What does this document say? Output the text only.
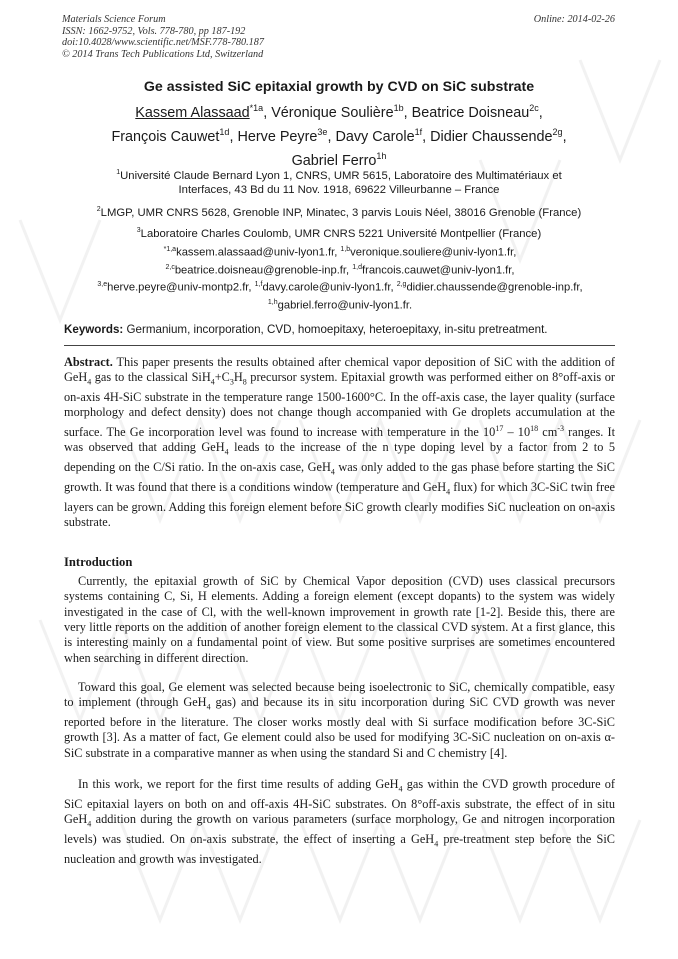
Materials Science Forum
ISSN: 1662-9752, Vols. 778-780, pp 187-192
doi:10.4028/www.scientific.net/MSF.778-780.187
© 2014 Trans Tech Publications Ltd, Switzerland
Online: 2014-02-26
Ge assisted SiC epitaxial growth by CVD on SiC substrate
Kassem Alassaad$^{*1a}$, Véronique Soulière$^{1b}$, Beatrice Doisneau$^{2c}$,
François Cauwet$^{1d}$, Herve Peyre$^{3e}$, Davy Carole$^{1f}$, Didier Chaussende$^{2g}$,
Gabriel Ferro$^{1h}$
$^1$Université Claude Bernard Lyon 1, CNRS, UMR 5615, Laboratoire des Multimatériaux et
Interfaces, 43 Bd du 11 Nov. 1918, 69622 Villeurbanne – France
$^2$LMGP, UMR CNRS 5628, Grenoble INP, Minatec, 3 parvis Louis Néel, 38016 Grenoble (France)
$^3$Laboratoire Charles Coulomb, UMR CNRS 5221 Université Montpellier (France)
$^{*1,a}$kassem.alassaad@univ-lyon1.fr, $^{1,b}$veronique.souliere@univ-lyon1.fr,
$^{2,c}$beatrice.doisneau@grenoble-inp.fr, $^{1,d}$francois.cauwet@univ-lyon1.fr,
$^{3,e}$herve.peyre@univ-montp2.fr, $^{1,f}$davy.carole@univ-lyon1.fr, $^{2,g}$didier.chaussende@grenoble-inp.fr,
$^{1,h}$gabriel.ferro@univ-lyon1.fr.
Keywords: Germanium, incorporation, CVD, homoepitaxy, heteroepitaxy, in-situ pretreatment.
Abstract. This paper presents the results obtained after chemical vapor deposition of SiC with the addition of GeH$_4$ gas to the classical $SiH_4+C_3H_8$ precursor system. Epitaxial growth was performed either on 8°off-axis or on-axis 4H-SiC substrate in the temperature range 1500-1600°C. In the off-axis case, the layer quality (surface morphology and defect density) does not change though accompanied with Ge droplets accumulation at the surface. The Ge incorporation level was found to increase with temperature in the $10^{17} - 10^{18}$ $cm^{-3}$ ranges. It was observed that adding GeH$_4$ leads to the increase of the n type doping level by a factor from 2 to 5 depending on the C/Si ratio. In the on-axis case, GeH$_4$ was only added to the gas phase before starting the SiC growth. It was found that there is a conditions window (temperature and GeH$_4$ flux) for which 3C-SiC twin free layers can be grown. Adding this foreign element before SiC growth clearly modifies SiC nucleation on on-axis substrate.
Introduction
Currently, the epitaxial growth of SiC by Chemical Vapor deposition (CVD) uses classical precursors systems containing C, Si, H elements. Adding a foreign element (except dopants) to the system was widely investigated in the case of Cl, with the well-known improvement in growth rate [1-2]. Beside this, there are very little reports on the addition of another foreign element to the classical CVD system. At a first glance, this is interesting mainly on a fundamental point of view. But some positive surprises are sometimes encountered when searching in different direction.
Toward this goal, Ge element was selected because being isoelectronic to SiC, chemically compatible, easy to implement (through GeH$_4$ gas) and because its in situ incorporation during SiC CVD growth was never reported before in the literature. The closer works mostly deal with Si surface modification before 3C-SiC growth [3]. As a matter of fact, Ge element could also be used for modifying 3C-SiC nucleation on on-axis α-SiC substrate in a comparative manner as when using the standard Si and C chemistry [4].
In this work, we report for the first time results of adding GeH$_4$ gas within the CVD growth procedure of SiC epitaxial layers on both on and off-axis 4H-SiC substrates. On 8°off-axis substrate, the effect of in situ GeH$_4$ addition during the growth on various parameters (surface morphology, Ge and nitrogen incorporation levels) was studied. On on-axis substrate, the effect of inserting a GeH$_4$ pre-treatment step before the SiC nucleation and growth was investigated.
